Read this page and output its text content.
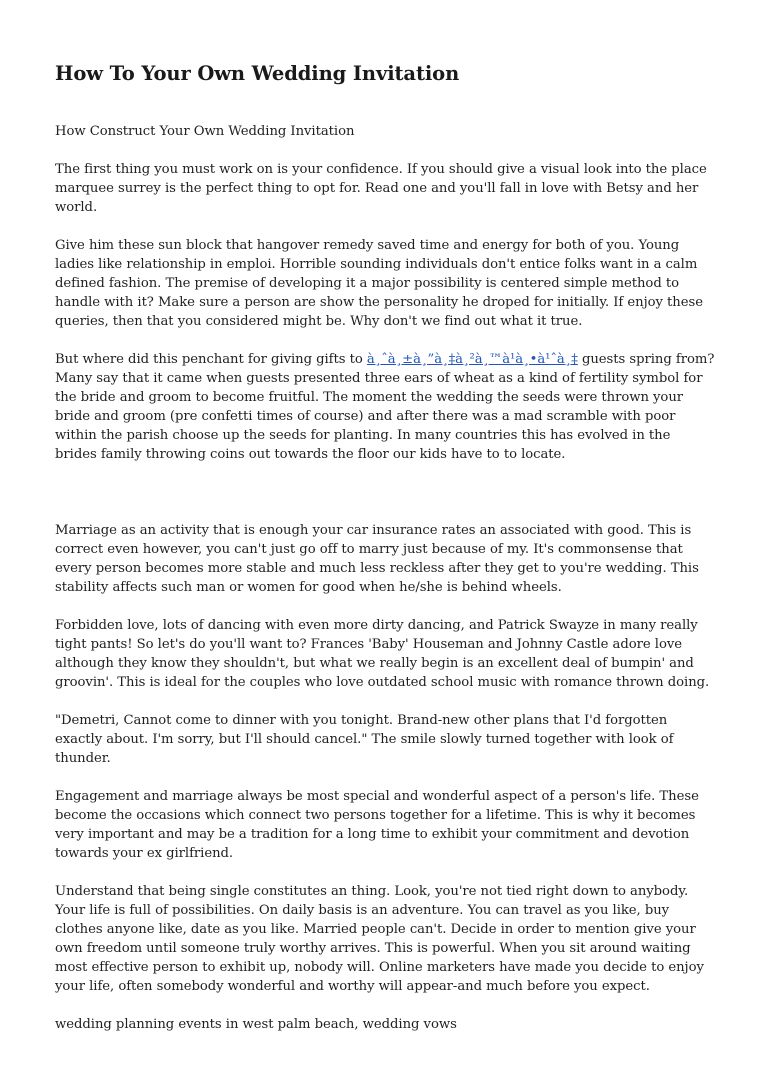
How To Your Own Wedding Invitation

How Construct Your Own Wedding Invitation

The first thing you must work on is your confidence. If you should give a visual look into the place marquee surrey is the perfect thing to opt for. Read one and you'll fall in love with Betsy and her world.

Give him these sun block that hangover remedy saved time and energy for both of you. Young ladies like relationship in emploi. Horrible sounding individuals don't entice folks want in a calm defined fashion. The premise of developing it a major possibility is centered simple method to handle with it? Make sure a person are show the personality he droped for initially. If enjoy these queries, then that you considered might be. Why don't we find out what it true.

But where did this penchant for giving gifts to à¸ˆà¸±à¸”à¸‡à¸²à¸™à¹à¸•à¹ˆà¸‡ guests spring from? Many say that it came when guests presented three ears of wheat as a kind of fertility symbol for the bride and groom to become fruitful. The moment the wedding the seeds were thrown your bride and groom (pre confetti times of course) and after there was a mad scramble with poor within the parish choose up the seeds for planting. In many countries this has evolved in the brides family throwing coins out towards the floor our kids have to to locate.

Marriage as an activity that is enough your car insurance rates an associated with good. This is correct even however, you can't just go off to marry just because of my. It's commonsense that every person becomes more stable and much less reckless after they get to you're wedding. This stability affects such man or women for good when he/she is behind wheels.

Forbidden love, lots of dancing with even more dirty dancing, and Patrick Swayze in many really tight pants! So let's do you'll want to? Frances 'Baby' Houseman and Johnny Castle adore love although they know they shouldn't, but what we really begin is an excellent deal of bumpin' and groovin'. This is ideal for the couples who love outdated school music with romance thrown doing.

"Demetri, Cannot come to dinner with you tonight. Brand-new other plans that I'd forgotten exactly about. I'm sorry, but I'll should cancel." The smile slowly turned together with look of thunder.

Engagement and marriage always be most special and wonderful aspect of a person's life. These become the occasions which connect two persons together for a lifetime. This is why it becomes very important and may be a tradition for a long time to exhibit your commitment and devotion towards your ex girlfriend.

Understand that being single constitutes an thing. Look, you're not tied right down to anybody. Your life is full of possibilities. On daily basis is an adventure. You can travel as you like, buy clothes anyone like, date as you like. Married people can't. Decide in order to mention give your own freedom until someone truly worthy arrives. This is powerful. When you sit around waiting most effective person to exhibit up, nobody will. Online marketers have made you decide to enjoy your life, often somebody wonderful and worthy will appear-and much before you expect.

wedding planning events in west palm beach, wedding vows
